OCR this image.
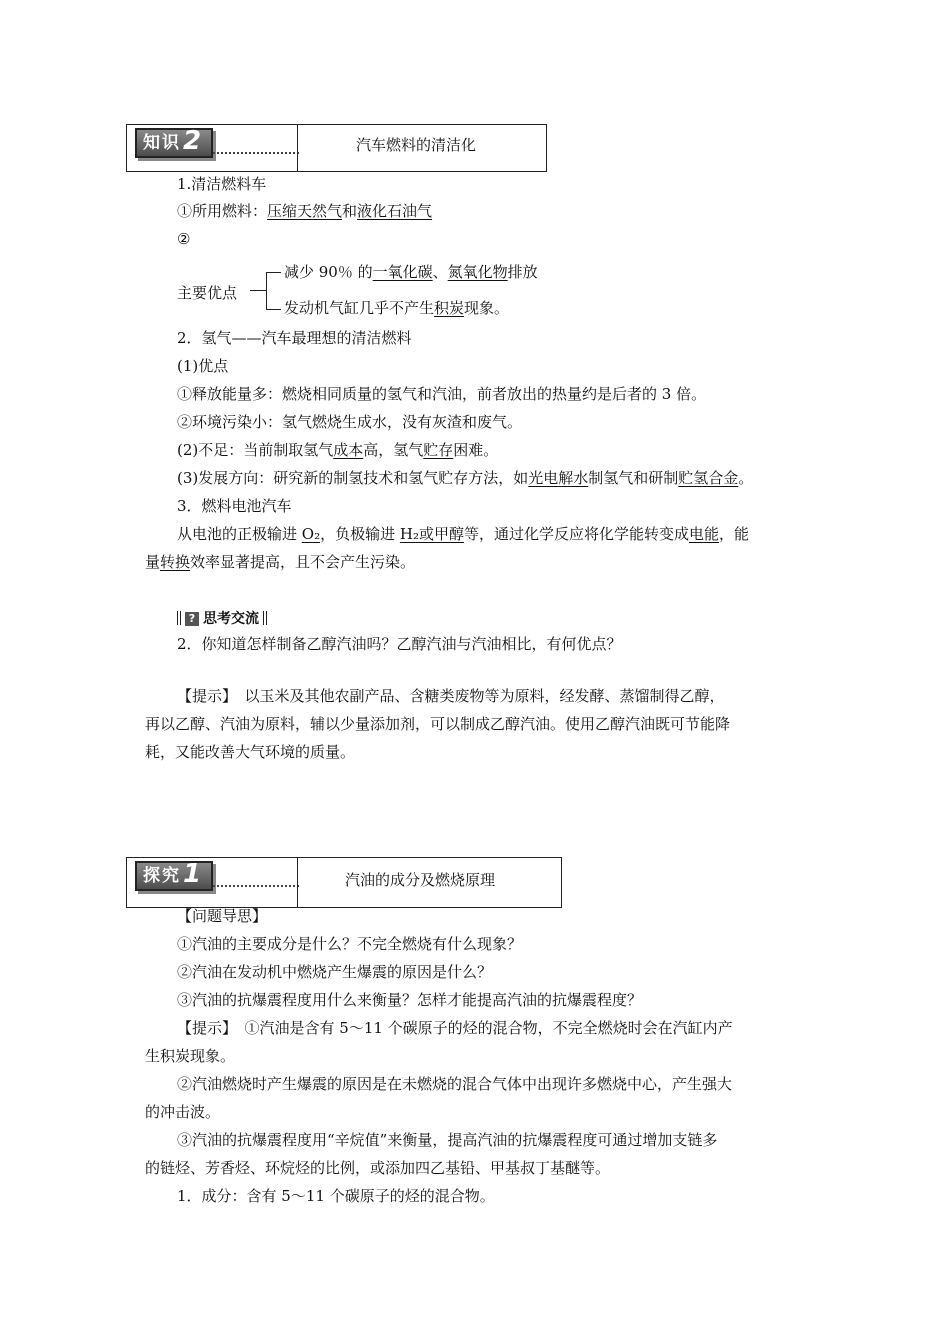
知识2	汽车燃料的清洁化
1.清洁燃料车
①所用燃料：压缩天然气和液化石油气
②
主要优点
减少 90％ 的一氧化碳、氮氧化物排放
发动机气缸几乎不产生积炭现象。
2．氢气——汽车最理想的清洁燃料
(1)优点
①释放能量多：燃烧相同质量的氢气和汽油，前者放出的热量约是后者的 3 倍。
②环境污染小：氢气燃烧生成水，没有灰渣和废气。
(2)不足：当前制取氢气成本高，氢气贮存困难。
(3)发展方向：研究新的制氢技术和氢气贮存方法，如光电解水制氢气和研制贮氢合金。
3．燃料电池汽车
从电池的正极输进 O₂，负极输进 H₂或甲醇等，通过化学反应将化学能转变成电能，能
量转换效率显著提高，且不会产生污染。
? 思考交流
2．你知道怎样制备乙醇汽油吗？乙醇汽油与汽油相比，有何优点？
【提示】　以玉米及其他农副产品、含糖类废物等为原料，经发酵、蒸馏制得乙醇，
再以乙醇、汽油为原料，辅以少量添加剂，可以制成乙醇汽油。使用乙醇汽油既可节能降
耗，又能改善大气环境的质量。
探究1	汽油的成分及燃烧原理
【问题导思】
①汽油的主要成分是什么？不完全燃烧有什么现象？
②汽油在发动机中燃烧产生爆震的原因是什么？
③汽油的抗爆震程度用什么来衡量？怎样才能提高汽油的抗爆震程度？
【提示】　①汽油是含有 5～11 个碳原子的烃的混合物，不完全燃烧时会在汽缸内产
生积炭现象。
②汽油燃烧时产生爆震的原因是在未燃烧的混合气体中出现许多燃烧中心，产生强大
的冲击波。
③汽油的抗爆震程度用“辛烷值”来衡量，提高汽油的抗爆震程度可通过增加支链多
的链烃、芳香烃、环烷烃的比例，或添加四乙基铅、甲基叔丁基醚等。
1．成分：含有 5～11 个碳原子的烃的混合物。
